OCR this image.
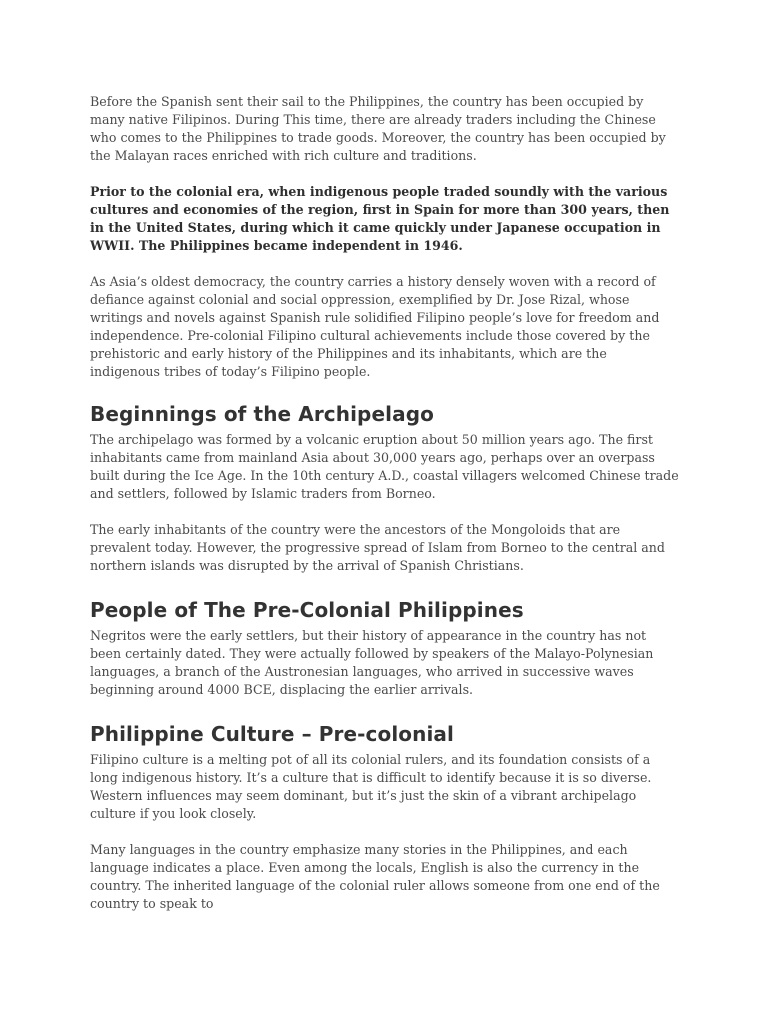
Before the Spanish sent their sail to the Philippines, the country has been occupied by many native Filipinos. During This time, there are already traders including the Chinese who comes to the Philippines to trade goods. Moreover, the country has been occupied by the Malayan races enriched with rich culture and traditions.

Prior to the colonial era, when indigenous people traded soundly with the various cultures and economies of the region, first in Spain for more than 300 years, then in the United States, during which it came quickly under Japanese occupation in WWII. The Philippines became independent in 1946.

As Asia’s oldest democracy, the country carries a history densely woven with a record of defiance against colonial and social oppression, exemplified by Dr. Jose Rizal, whose writings and novels against Spanish rule solidified Filipino people’s love for freedom and independence. Pre-colonial Filipino cultural achievements include those covered by the prehistoric and early history of the Philippines and its inhabitants, which are the indigenous tribes of today’s Filipino people.

Beginnings of the Archipelago

The archipelago was formed by a volcanic eruption about 50 million years ago. The first inhabitants came from mainland Asia about 30,000 years ago, perhaps over an overpass built during the Ice Age. In the 10th century A.D., coastal villagers welcomed Chinese trade and settlers, followed by Islamic traders from Borneo.

The early inhabitants of the country were the ancestors of the Mongoloids that are prevalent today. However, the progressive spread of Islam from Borneo to the central and northern islands was disrupted by the arrival of Spanish Christians.

People of The Pre-Colonial Philippines

Negritos were the early settlers, but their history of appearance in the country has not been certainly dated. They were actually followed by speakers of the Malayo-Polynesian languages, a branch of the Austronesian languages, who arrived in successive waves beginning around 4000 BCE, displacing the earlier arrivals.

Philippine Culture – Pre-colonial

Filipino culture is a melting pot of all its colonial rulers, and its foundation consists of a long indigenous history. It’s a culture that is difficult to identify because it is so diverse. Western influences may seem dominant, but it’s just the skin of a vibrant archipelago culture if you look closely.

Many languages in the country emphasize many stories in the Philippines, and each language indicates a place. Even among the locals, English is also the currency in the country. The inherited language of the colonial ruler allows someone from one end of the country to speak to
